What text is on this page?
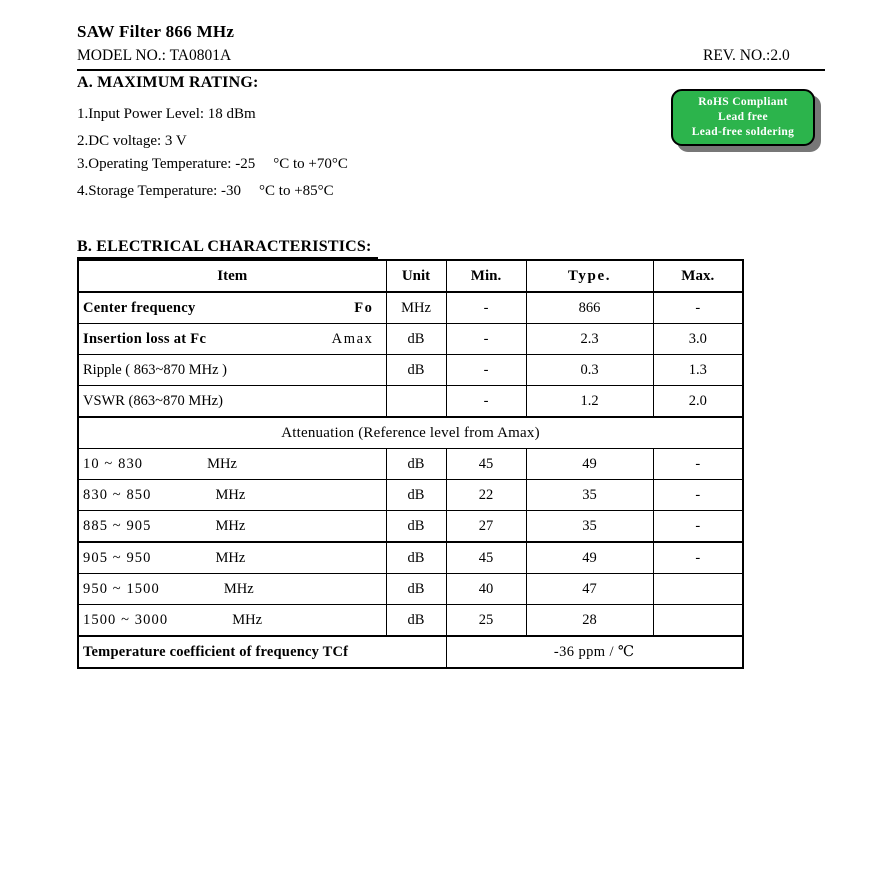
SAW Filter 866 MHz
MODEL NO.: TA0801A	REV. NO.:2.0
A. MAXIMUM RATING:
1.Input Power Level: 18 dBm
2.DC voltage: 3 V
3.Operating Temperature: -25 °C to +70°C
4.Storage Temperature: -30 °C to +85°C
RoHS Compliant
Lead free
Lead-free soldering
B. ELECTRICAL CHARACTERISTICS:
Item	Unit	Min.	Type.	Max.

Center frequency Fo	MHz	-	866	-

Insertion loss at Fc Amax	dB	-	2.3	3.0
Ripple ( 863~870 MHz )	dB	-	0.3	1.3
VSWR (863~870 MHz)		-	1.2	2.0
Attenuation (Reference level from Amax)				
10 ~ 830 MHz	dB	45	49	-
830 ~ 850 MHz	dB	22	35	-
885 ~ 905 MHz	dB	27	35	-
905 ~ 950 MHz	dB	45	49	-
950 ~ 1500 MHz	dB	40	47	
1500 ~ 3000 MHz	dB	25	28	
Temperature coefficient of frequency TCf		-36 ppm / ℃		
